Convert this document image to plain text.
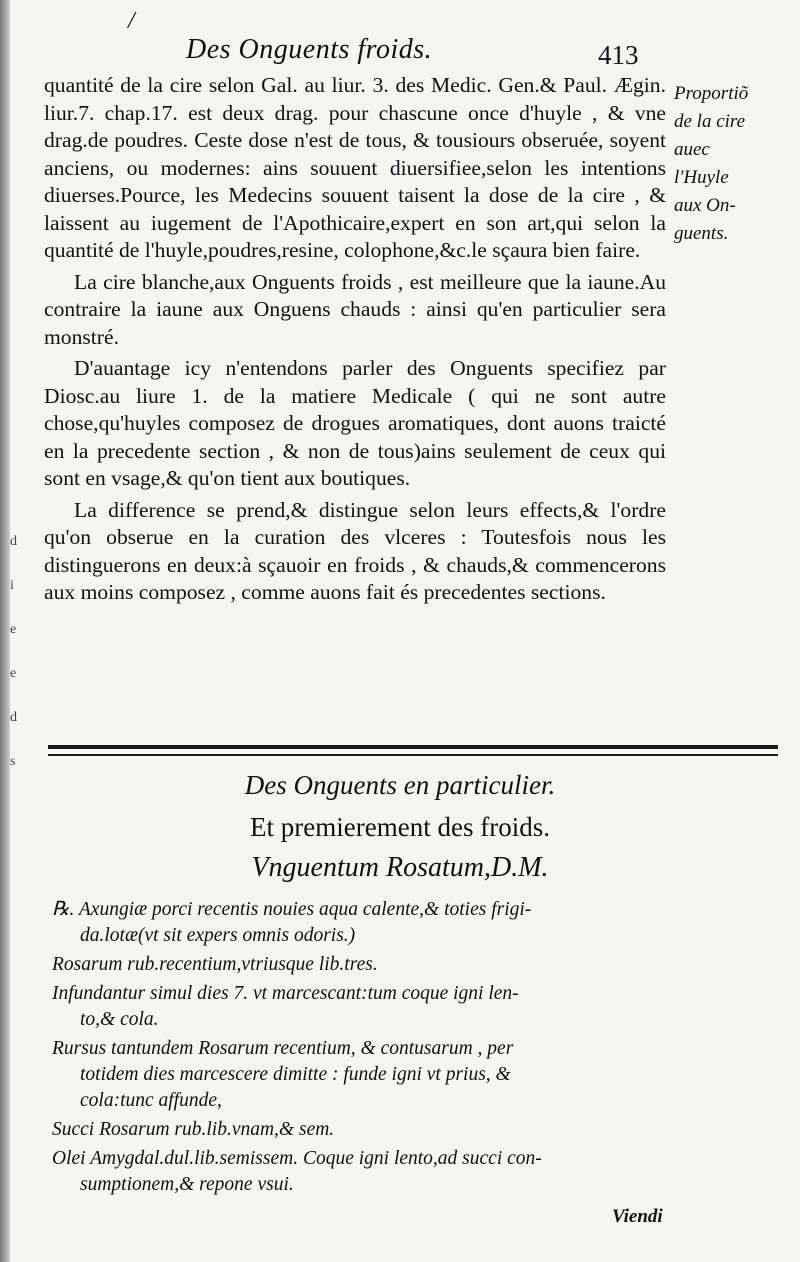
d
i
e
e
d
s
/
Des Onguents froids.	413

quantité de la cire selon Gal. au liur. 3. des Medic. Gen.& Paul. Ægin. liur.7. chap.17. est deux drag. pour chascune once d'huyle , & vne drag.de poudres. Ceste dose n'est de tous, & tousiours obseruée, soyent anciens, ou modernes: ains souuent diuersifiee,selon les intentions diuerses.Pource, les Medecins souuent taisent la dose de la cire , & laissent au iugement de l'Apothicaire,expert en son art,qui selon la quantité de l'huyle,poudres,resine, colophone,&c.le sçaura bien faire.

La cire blanche,aux Onguents froids , est meilleure que la iaune.Au contraire la iaune aux Onguens chauds : ainsi qu'en particulier sera monstré.

D'auantage icy n'entendons parler des Onguents specifiez par Diosc.au liure 1. de la matiere Medicale ( qui ne sont autre chose,qu'huyles composez de drogues aromatiques, dont auons traicté en la precedente section , & non de tous)ains seulement de ceux qui sont en vsage,& qu'on tient aux boutiques.

La difference se prend,& distingue selon leurs effects,& l'ordre qu'on obserue en la curation des vlceres : Toutesfois nous les distinguerons en deux:à sçauoir en froids , & chauds,& commencerons aux moins composez , comme auons fait és precedentes sections.

Proportiõ
de la cire
auec
l'Huyle
aux On-
guents.
Des Onguents en particulier.
Et premierement des froids.
Vnguentum Rosatum,D.M.

℞. Axungiæ porci recentis nouies aqua calente,& toties frigi-
da.lotæ(vt sit expers omnis odoris.)

Rosarum rub.recentium,vtriusque lib.tres.

Infundantur simul dies 7. vt marcescant:tum coque igni len-
to,& cola.

Rursus tantundem Rosarum recentium, & contusarum , per
totidem dies marcescere dimitte : funde igni vt prius, &
cola:tunc affunde,

Succi Rosarum rub.lib.vnam,& sem.

Olei Amygdal.dul.lib.semissem. Coque igni lento,ad succi con-
sumptionem,& repone vsui.

Viendi
